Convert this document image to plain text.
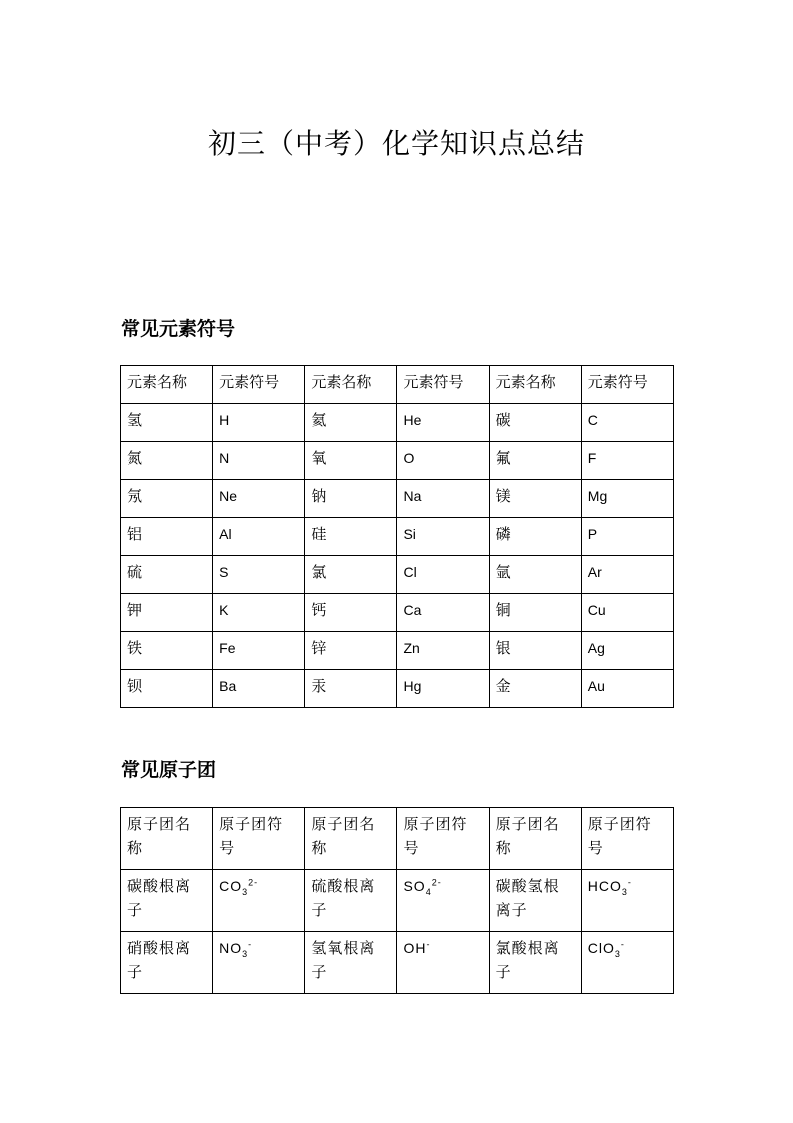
初三（中考）化学知识点总结
常见元素符号
元素名称	元素符号	元素名称	元素符号	元素名称	元素符号
氢	H	氦	He	碳	C
氮	N	氧	O	氟	F
氖	Ne	钠	Na	镁	Mg
铝	Al	硅	Si	磷	P
硫	S	氯	Cl	氩	Ar
钾	K	钙	Ca	铜	Cu
铁	Fe	锌	Zn	银	Ag
钡	Ba	汞	Hg	金	Au
常见原子团
原子团名称	原子团符号	原子团名称	原子团符号	原子团名称	原子团符号
碳酸根离子	$CO_3^{2-}$	硫酸根离子	$SO_4^{2-}$	碳酸氢根离子	$HCO_3^-$
硝酸根离子	$NO_3^-$	氢氧根离子	OH-	氯酸根离子	ClO$_3$-
